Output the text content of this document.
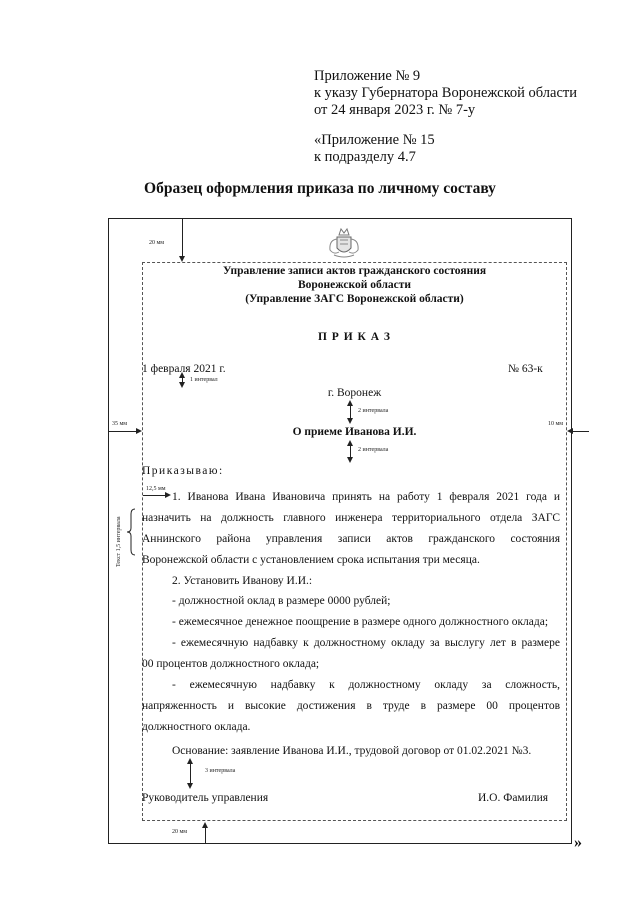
Приложение № 9
к указу Губернатора Воронежской области
от 24 января 2023 г. № 7-у
«Приложение № 15
к подразделу 4.7
Образец оформления приказа по личному составу
20 мм
Управление записи актов гражданского состояния
Воронежской области
(Управление ЗАГС Воронежской области)
П Р И К А З
1 февраля 2021 г.	№ 63-к
1 интервал
г. Воронеж
2 интервала
О приеме Иванова И.И.
35 мм	10 мм
2 интервала
Приказываю:
12,5 мм
Текст 1,5 интервала
1. Иванова Ивана Ивановича принять на работу 1 февраля 2021 года и
назначить на должность главного инженера территориального отдела ЗАГС
Аннинского района управления записи актов гражданского состояния
Воронежской области с установлением срока испытания три месяца.
2. Установить Иванову И.И.:
- должностной оклад в размере 0000 рублей;
- ежемесячное денежное поощрение в размере одного должностного оклада;
- ежемесячную надбавку к должностному окладу за выслугу лет в размере
00 процентов должностного оклада;
- ежемесячную надбавку к должностному окладу за сложность,
напряженность и высокие достижения в труде в размере 00 процентов
должностного оклада.
Основание: заявление Иванова И.И., трудовой договор от 01.02.2021 №3.
3 интервала
Руководитель управления	И.О. Фамилия
20 мм
»
